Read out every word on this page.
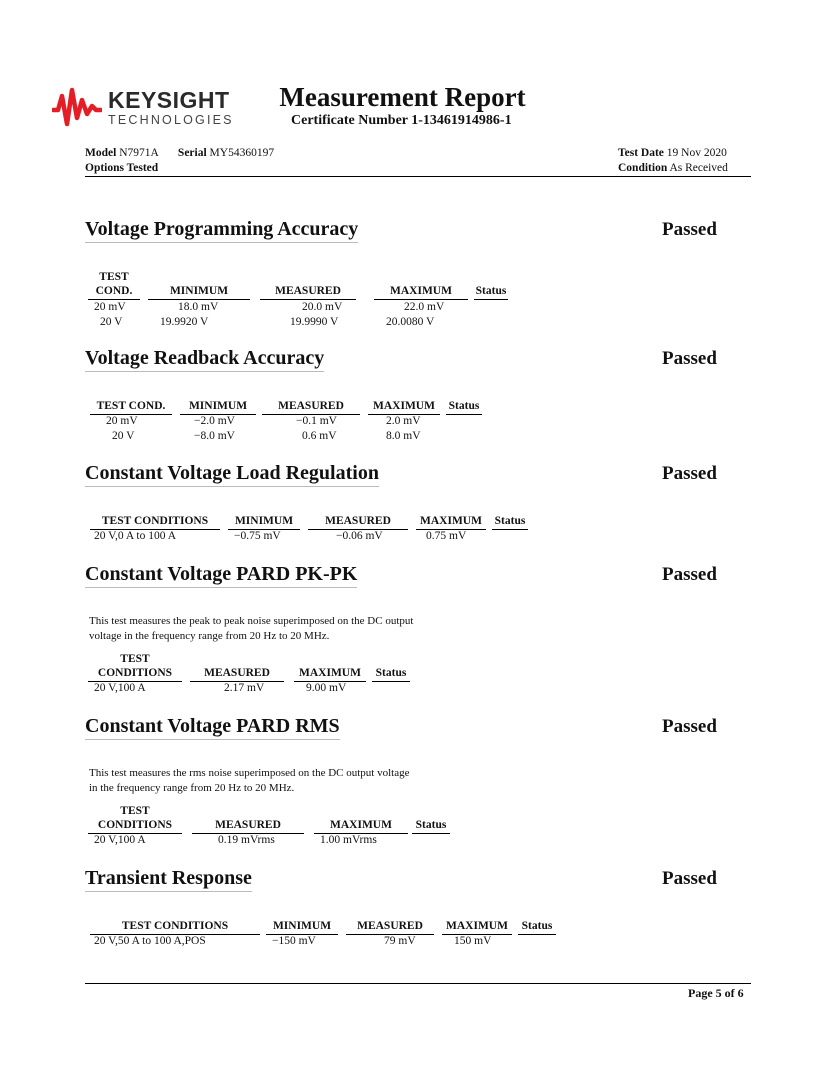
KEYSIGHT
TECHNOLOGIES
Measurement Report
Certificate Number 1-13461914986-1
Model N7971A Serial MY54360197
Options Tested
Test Date 19 Nov 2020
Condition As Received
Voltage Programming Accuracy	Passed
TEST
COND.	MINIMUM	MEASURED	MAXIMUM	Status
20 mV	18.0 mV	20.0 mV	22.0 mV
20 V	19.9920 V	19.9990 V	20.0080 V
Voltage Readback Accuracy	Passed
TEST COND.	MINIMUM	MEASURED	MAXIMUM	Status
20 mV	−2.0 mV	−0.1 mV	2.0 mV
20 V	−8.0 mV	0.6 mV	8.0 mV
Constant Voltage Load Regulation	Passed
TEST CONDITIONS	MINIMUM	MEASURED	MAXIMUM	Status
20 V,0 A to 100 A	−0.75 mV	−0.06 mV	0.75 mV
Constant Voltage PARD PK-PK	Passed
This test measures the peak to peak noise superimposed on the DC output
voltage in the frequency range from 20 Hz to 20 MHz.
TEST
CONDITIONS	MEASURED	MAXIMUM	Status
20 V,100 A	2.17 mV	9.00 mV
Constant Voltage PARD RMS	Passed
This test measures the rms noise superimposed on the DC output voltage
in the frequency range from 20 Hz to 20 MHz.
TEST
CONDITIONS	MEASURED	MAXIMUM	Status
20 V,100 A	0.19 mVrms	1.00 mVrms
Transient Response	Passed
TEST CONDITIONS	MINIMUM	MEASURED	MAXIMUM	Status
20 V,50 A to 100 A,POS	−150 mV	79 mV	150 mV
Page 5 of 6
